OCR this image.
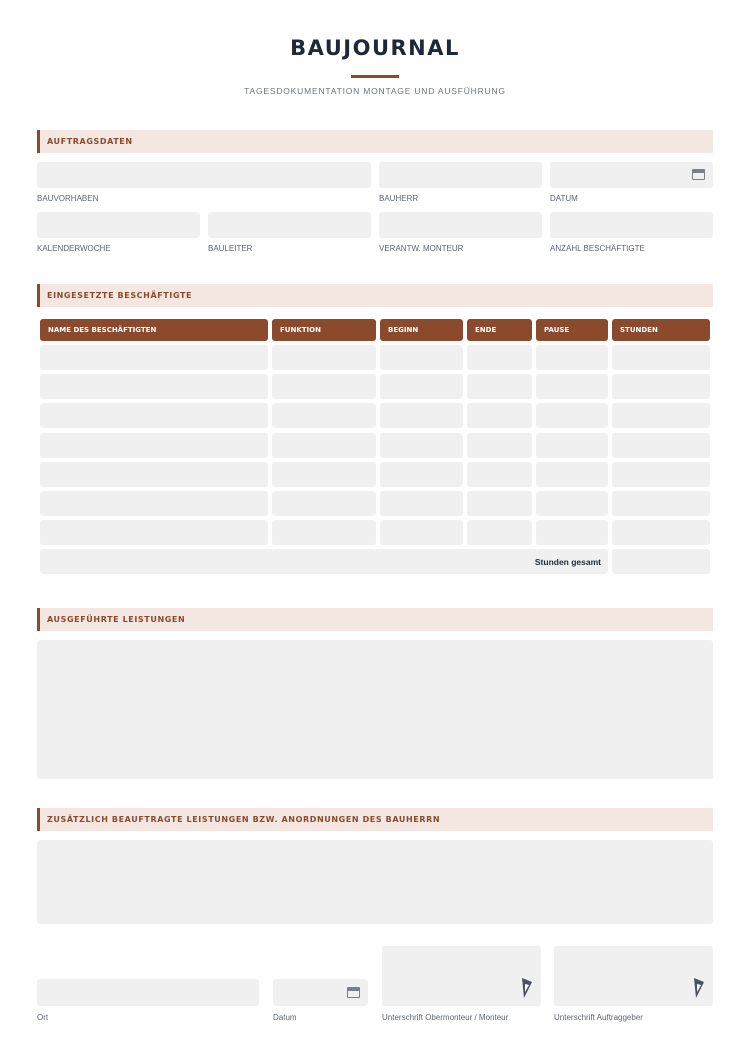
BAUJOURNAL
TAGESDOKUMENTATION MONTAGE UND AUSFÜHRUNG
AUFTRAGSDATEN
BAUVORHABEN	BAUHERR	DATUM
KALENDERWOCHE	BAULEITER	VERANTW. MONTEUR	ANZAHL BESCHÄFTIGTE
EINGESETZTE BESCHÄFTIGTE
NAME DES BESCHÄFTIGTEN	FUNKTION	BEGINN	ENDE	PAUSE	STUNDEN
Stunden gesamt
AUSGEFÜHRTE LEISTUNGEN
ZUSÄTZLICH BEAUFTRAGTE LEISTUNGEN BZW. ANORDNUNGEN DES BAUHERRN
Ort	Datum	Unterschrift Obermonteur / Monteur	Unterschrift Auftraggeber
